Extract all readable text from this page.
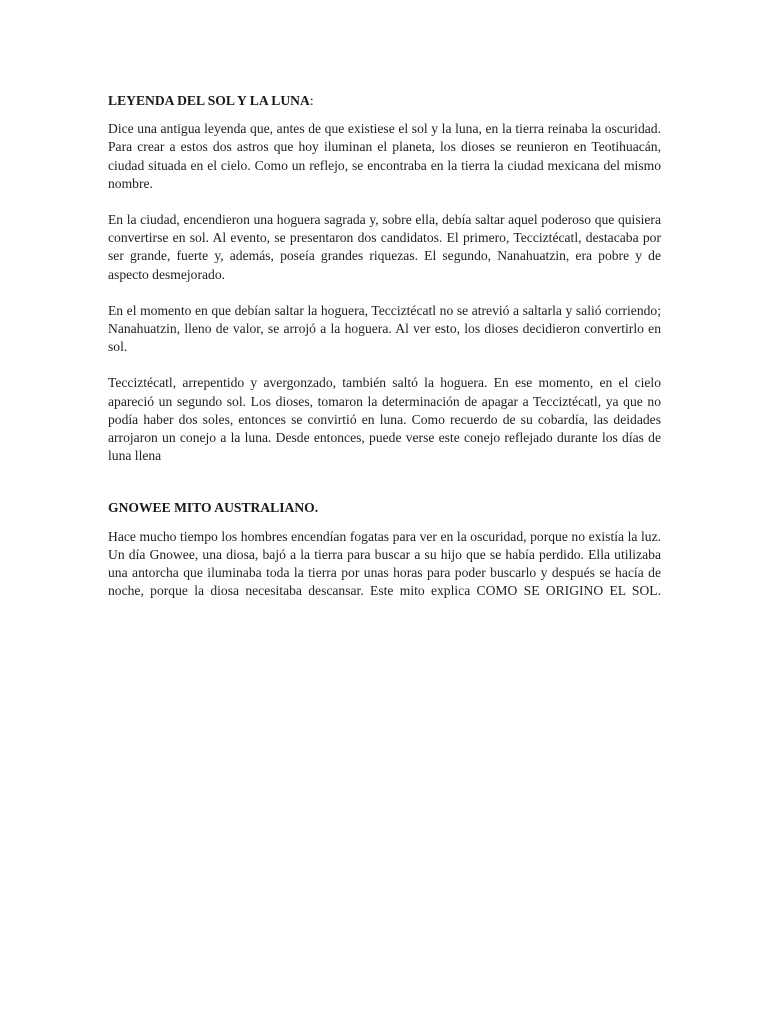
LEYENDA DEL SOL Y LA LUNA:

Dice una antigua leyenda que, antes de que existiese el sol y la luna, en la tierra reinaba la oscuridad. Para crear a estos dos astros que hoy iluminan el planeta, los dioses se reunieron en Teotihuacán, ciudad situada en el cielo. Como un reflejo, se encontraba en la tierra la ciudad mexicana del mismo nombre.

En la ciudad, encendieron una hoguera sagrada y, sobre ella, debía saltar aquel poderoso que quisiera convertirse en sol. Al evento, se presentaron dos candidatos. El primero, Tecciztécatl, destacaba por ser grande, fuerte y, además, poseía grandes riquezas. El segundo, Nanahuatzin, era pobre y de aspecto desmejorado.

En el momento en que debían saltar la hoguera, Tecciztécatl no se atrevió a saltarla y salió corriendo; Nanahuatzin, lleno de valor, se arrojó a la hoguera. Al ver esto, los dioses decidieron convertirlo en sol.

Tecciztécatl, arrepentido y avergonzado, también saltó la hoguera. En ese momento, en el cielo apareció un segundo sol. Los dioses, tomaron la determinación de apagar a Tecciztécatl, ya que no podía haber dos soles, entonces se convirtió en luna. Como recuerdo de su cobardía, las deidades arrojaron un conejo a la luna. Desde entonces, puede verse este conejo reflejado durante los días de luna llena

GNOWEE MITO AUSTRALIANO.

Hace mucho tiempo los hombres encendían fogatas para ver en la oscuridad, porque no existía la luz. Un día Gnowee, una diosa, bajó a la tierra para buscar a su hijo que se había perdido. Ella utilizaba una antorcha que iluminaba toda la tierra por unas horas para poder buscarlo y después se hacía de noche, porque la diosa necesitaba descansar. Este mito explica COMO SE ORIGINO EL SOL.
